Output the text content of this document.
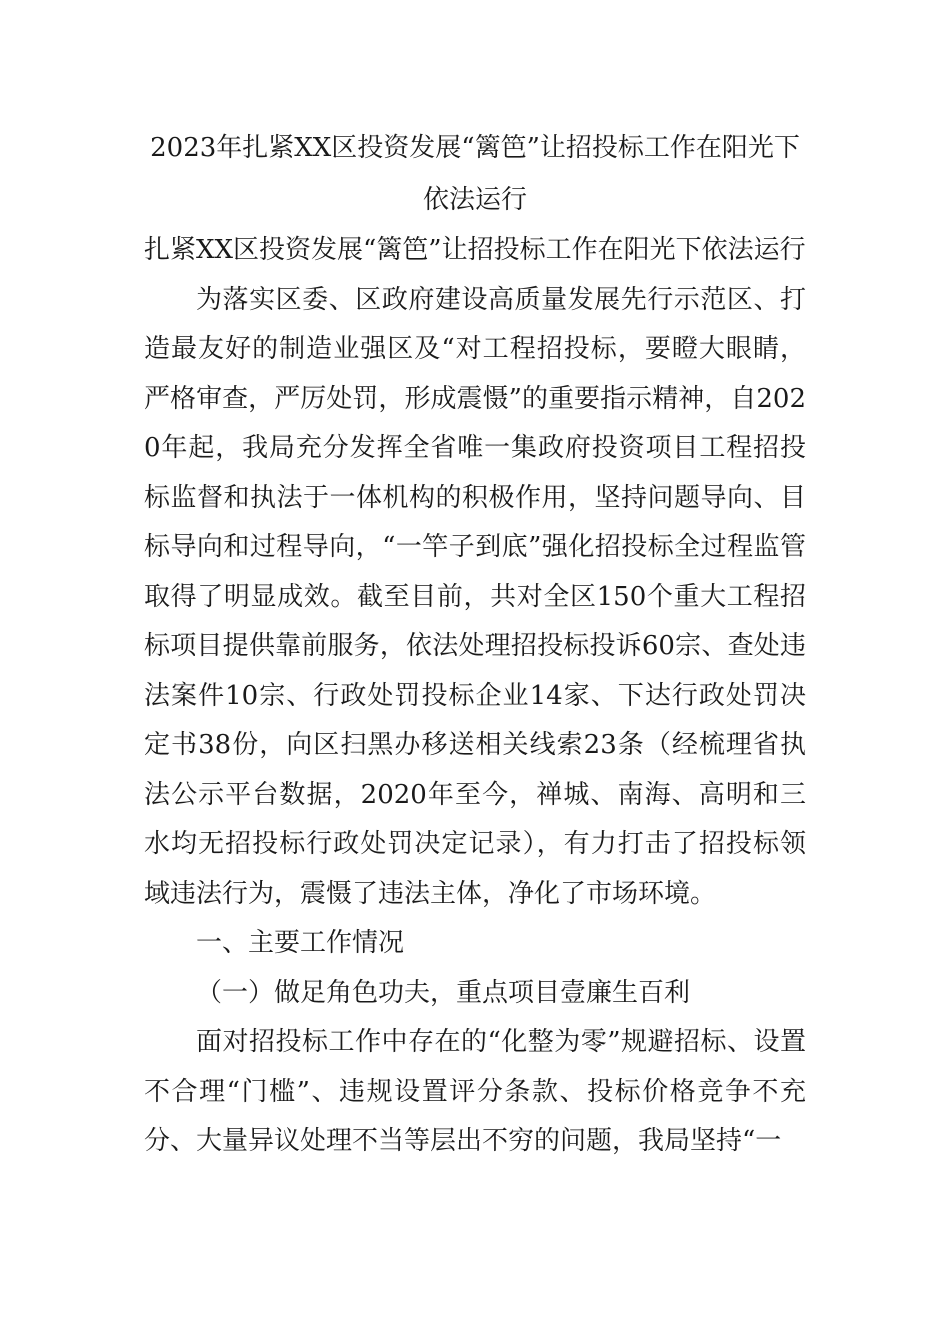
2023年扎紧XX区投资发展“篱笆”让招投标工作在阳光下依法运行

扎紧XX区投资发展“篱笆”让招投标工作在阳光下依法运行

为落实区委、区政府建设高质量发展先行示范区、打造最友好的制造业强区及“对工程招投标，要瞪大眼睛，严格审查，严厉处罚，形成震慑”的重要指示精神，自2020年起，我局充分发挥全省唯一集政府投资项目工程招投标监督和执法于一体机构的积极作用，坚持问题导向、目标导向和过程导向，“一竿子到底”强化招投标全过程监管取得了明显成效。截至目前，共对全区150个重大工程招标项目提供靠前服务，依法处理招投标投诉60宗、查处违法案件10宗、行政处罚投标企业14家、下达行政处罚决定书38份，向区扫黑办移送相关线索23条（经梳理省执法公示平台数据，2020年至今，禅城、南海、高明和三水均无招投标行政处罚决定记录），有力打击了招投标领域违法行为，震慑了违法主体，净化了市场环境。

一、主要工作情况

（一）做足角色功夫，重点项目壹廉生百利

面对招投标工作中存在的“化整为零”规避招标、设置不合理“门槛”、违规设置评分条款、投标价格竞争不充分、大量异议处理不当等层出不穷的问题，我局坚持“一
